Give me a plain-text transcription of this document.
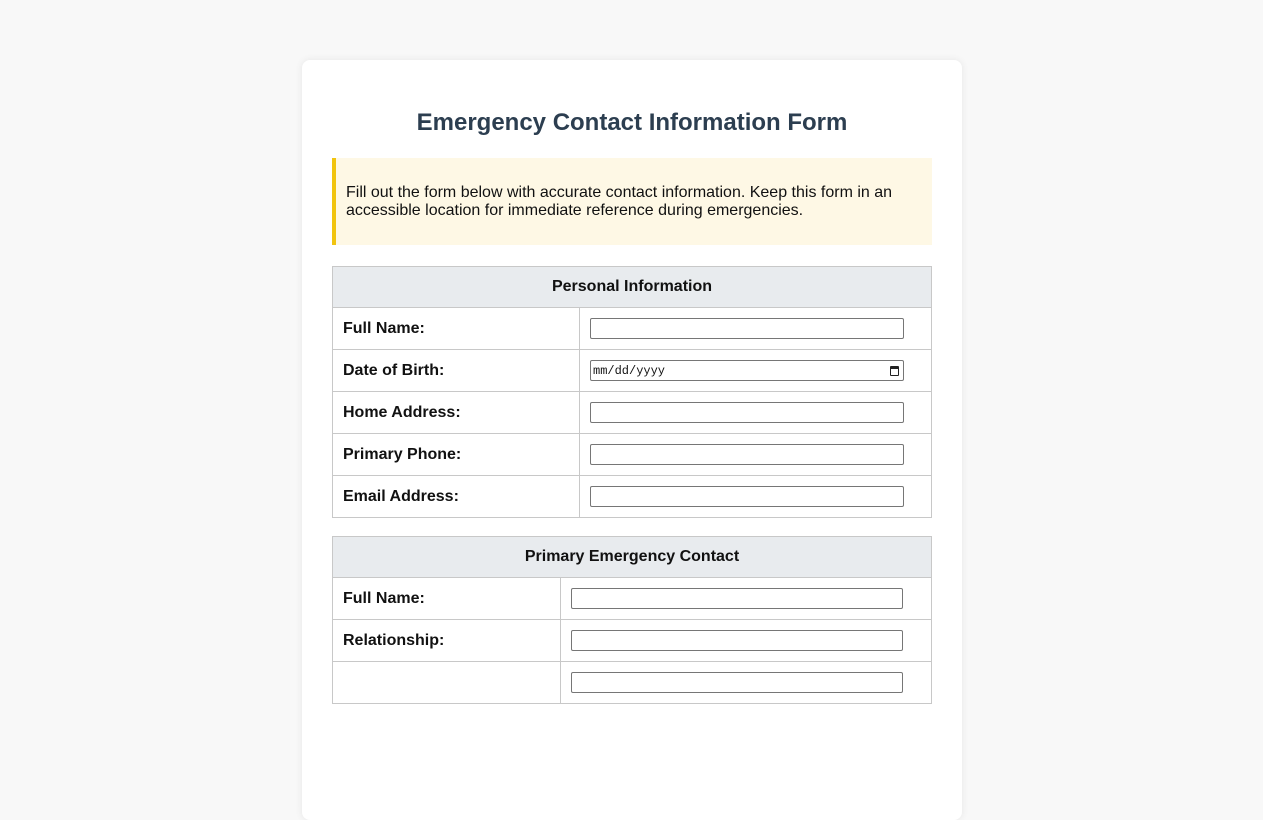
Emergency Contact Information Form
Fill out the form below with accurate contact information. Keep this form in an accessible location for immediate reference during emergencies.
Personal Information	
Full Name:	
Date of Birth:	mm/dd/yyyy

Home Address:	
Primary Phone:	
Email Address:	
Primary Emergency Contact	
Full Name:	
Relationship:	
